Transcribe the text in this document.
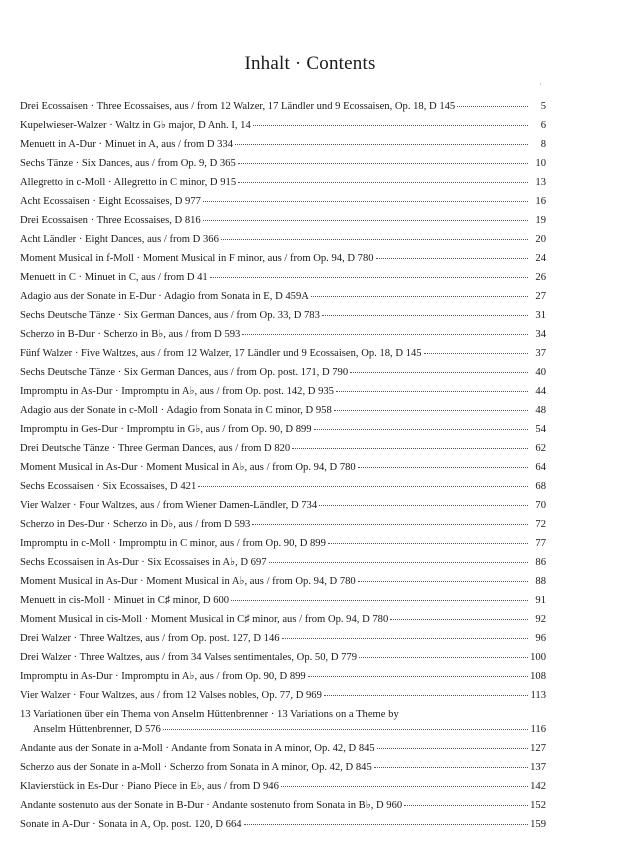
Inhalt · Contents
·
Drei Ecossaisen · Three Ecossaises, aus / from 12 Walzer, 17 Ländler und 9 Ecossaisen, Op. 18, D 145	5
Kupelwieser-Walzer · Waltz in G♭ major, D Anh. I, 14	6
Menuett in A-Dur · Minuet in A, aus / from D 334	8
Sechs Tänze · Six Dances, aus / from Op. 9, D 365	10
Allegretto in c-Moll · Allegretto in C minor, D 915	13
Acht Ecossaisen · Eight Ecossaises, D 977	16
Drei Ecossaisen · Three Ecossaises, D 816	19
Acht Ländler · Eight Dances, aus / from D 366	20
Moment Musical in f-Moll · Moment Musical in F minor, aus / from Op. 94, D 780	24
Menuett in C · Minuet in C, aus / from D 41	26
Adagio aus der Sonate in E-Dur · Adagio from Sonata in E, D 459A	27
Sechs Deutsche Tänze · Six German Dances, aus / from Op. 33, D 783	31
Scherzo in B-Dur · Scherzo in B♭, aus / from D 593	34
Fünf Walzer · Five Waltzes, aus / from 12 Walzer, 17 Ländler und 9 Ecossaisen, Op. 18, D 145	37
Sechs Deutsche Tänze · Six German Dances, aus / from Op. post. 171, D 790	40
Impromptu in As-Dur · Impromptu in A♭, aus / from Op. post. 142, D 935	44
Adagio aus der Sonate in c-Moll · Adagio from Sonata in C minor, D 958	48
Impromptu in Ges-Dur · Impromptu in G♭, aus / from Op. 90, D 899	54
Drei Deutsche Tänze · Three German Dances, aus / from D 820	62
Moment Musical in As-Dur · Moment Musical in A♭, aus / from Op. 94, D 780	64
Sechs Ecossaisen · Six Ecossaises, D 421	68
Vier Walzer · Four Waltzes, aus / from Wiener Damen-Ländler, D 734	70
Scherzo in Des-Dur · Scherzo in D♭, aus / from D 593	72
Impromptu in c-Moll · Impromptu in C minor, aus / from Op. 90, D 899	77
Sechs Ecossaisen in As-Dur · Six Ecossaises in A♭, D 697	86
Moment Musical in As-Dur · Moment Musical in A♭, aus / from Op. 94, D 780	88
Menuett in cis-Moll · Minuet in C♯ minor, D 600	91
Moment Musical in cis-Moll · Moment Musical in C♯ minor, aus / from Op. 94, D 780	92
Drei Walzer · Three Waltzes, aus / from Op. post. 127, D 146	96
Drei Walzer · Three Waltzes, aus / from 34 Valses sentimentales, Op. 50, D 779	100
Impromptu in As-Dur · Impromptu in A♭, aus / from Op. 90, D 899	108
Vier Walzer · Four Waltzes, aus / from 12 Valses nobles, Op. 77, D 969	113
13 Variationen über ein Thema von Anselm Hüttenbrenner · 13 Variations on a Theme by
Anselm Hüttenbrenner, D 576	116
Andante aus der Sonate in a-Moll · Andante from Sonata in A minor, Op. 42, D 845	127
Scherzo aus der Sonate in a-Moll · Scherzo from Sonata in A minor, Op. 42, D 845	137
Klavierstück in Es-Dur · Piano Piece in E♭, aus / from D 946	142
Andante sostenuto aus der Sonate in B-Dur · Andante sostenuto from Sonata in B♭, D 960	152
Sonate in A-Dur · Sonata in A, Op. post. 120, D 664	159
